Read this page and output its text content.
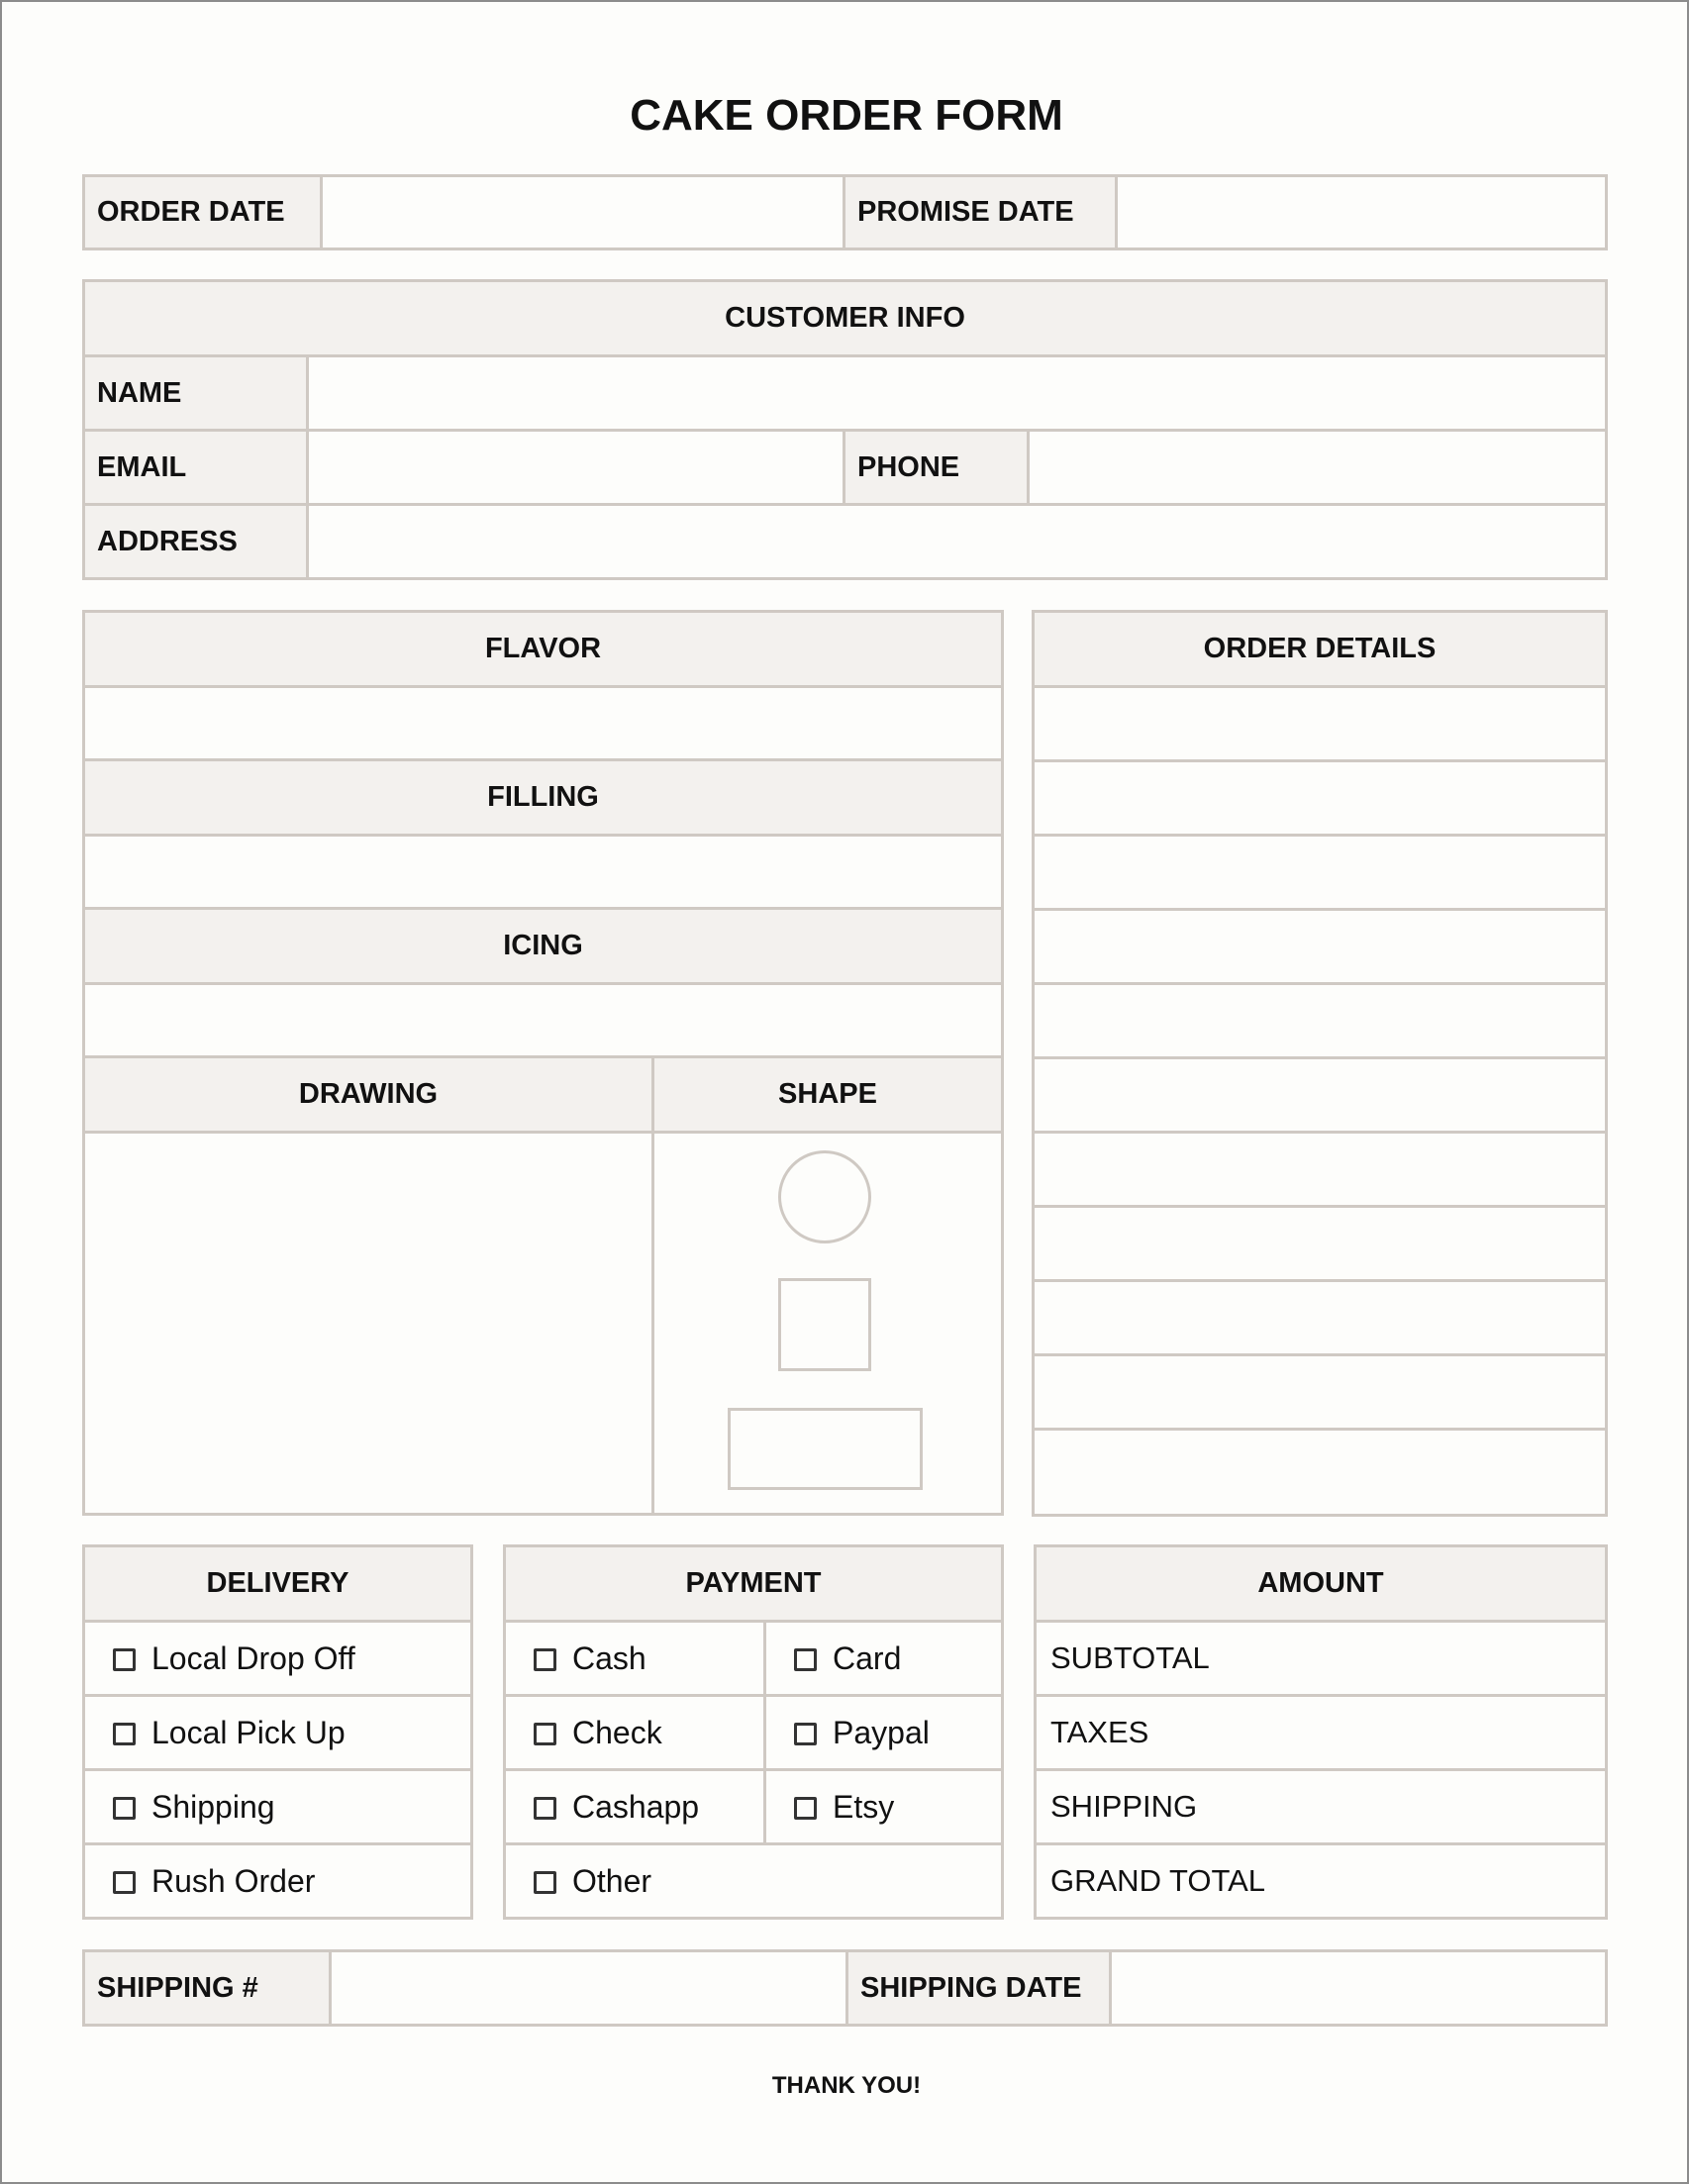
CAKE ORDER FORM
ORDER DATE		PROMISE DATE	
CUSTOMER INFO			
NAME			
EMAIL		PHONE	
ADDRESS			
FLAVOR	

FILLING	

ICING	

DRAWING	SHAPE

ORDER DETAILS

DELIVERY
Local Drop Off
Local Pick Up
Shipping
Rush Order
PAYMENT	
Cash	Card
Check	Paypal
Cashapp	Etsy
Other	
AMOUNT
SUBTOTAL
TAXES
SHIPPING
GRAND TOTAL
SHIPPING #		SHIPPING DATE	
THANK YOU!
